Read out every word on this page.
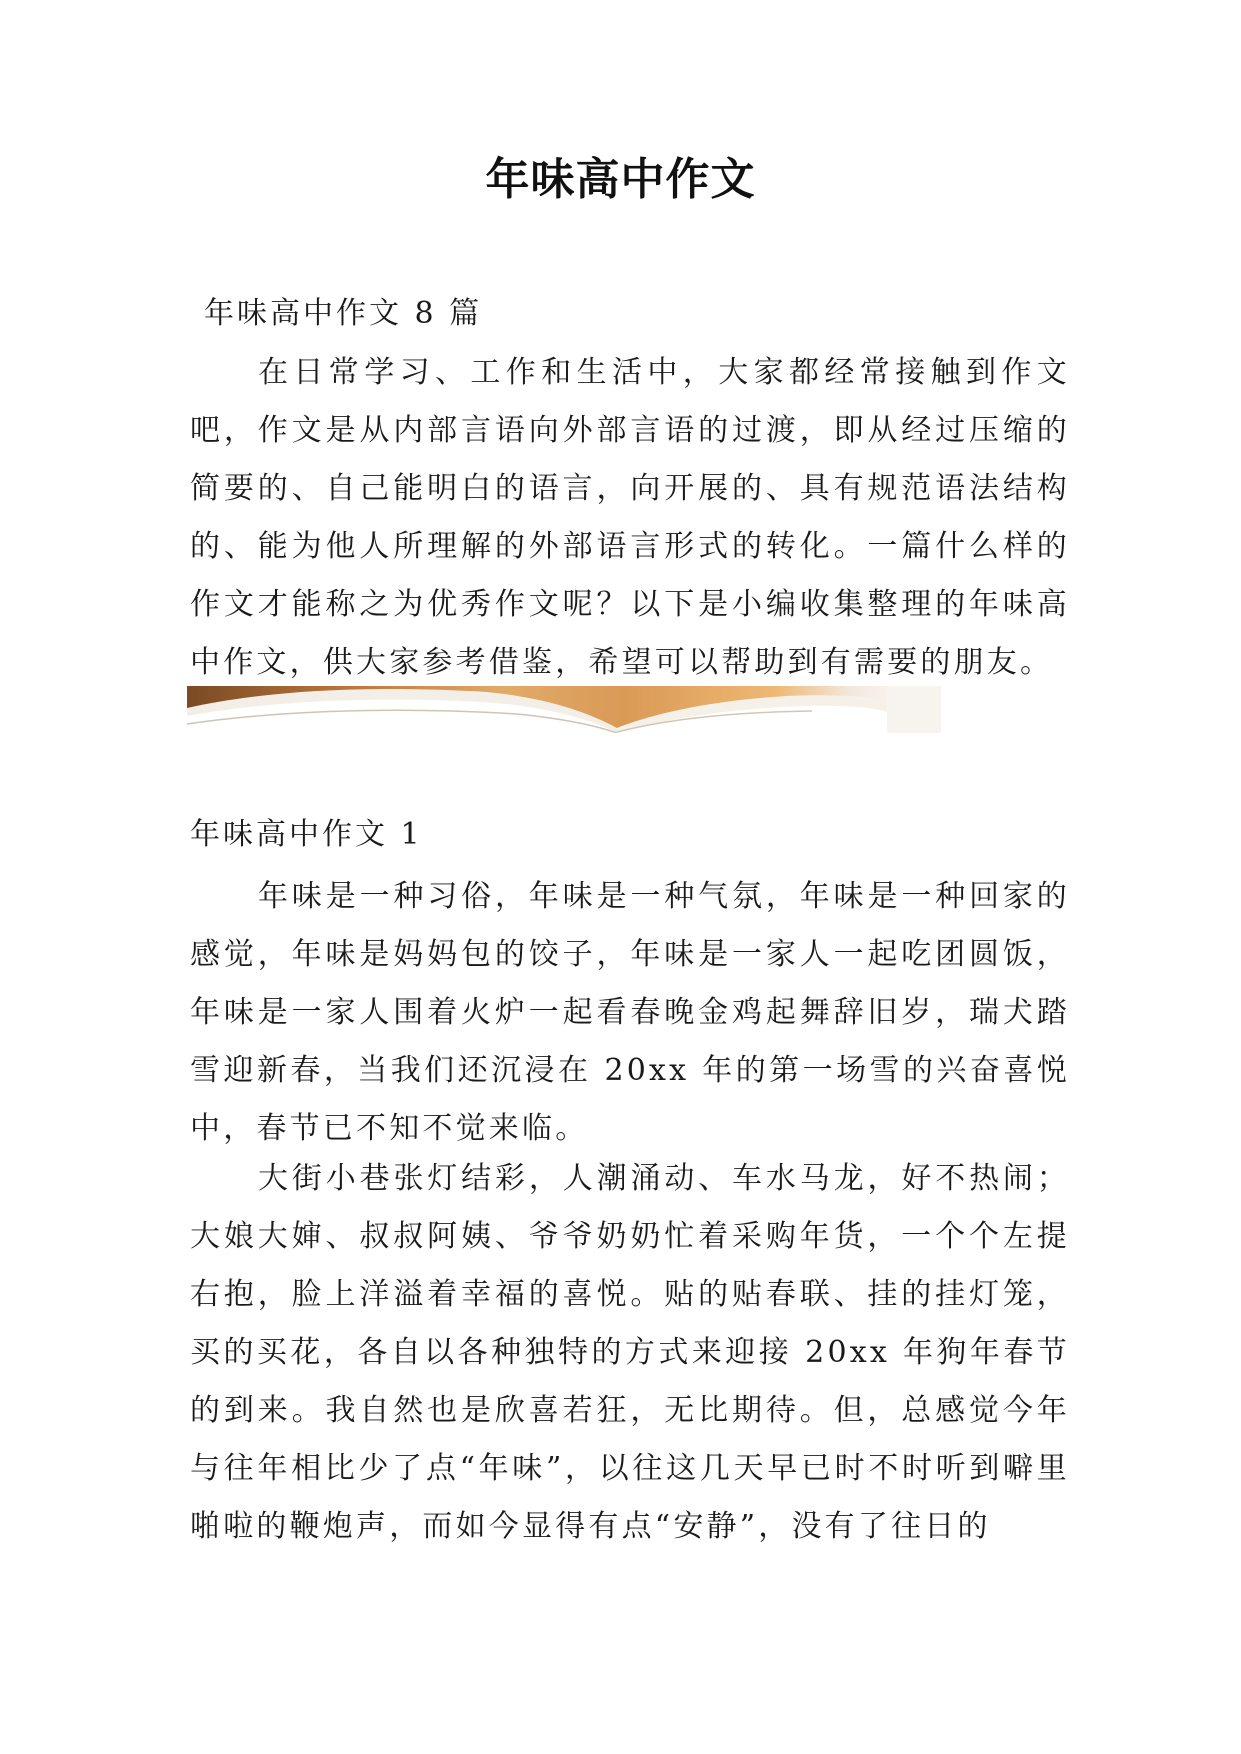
年味高中作文
年味高中作文 8 篇

在日常学习、工作和生活中，大家都经常接触到作文吧，作文是从内部言语向外部言语的过渡，即从经过压缩的简要的、自己能明白的语言，向开展的、具有规范语法结构的、能为他人所理解的外部语言形式的转化。一篇什么样的作文才能称之为优秀作文呢？以下是小编收集整理的年味高中作文，供大家参考借鉴，希望可以帮助到有需要的朋友。

年味高中作文 1

年味是一种习俗，年味是一种气氛，年味是一种回家的感觉，年味是妈妈包的饺子，年味是一家人一起吃团圆饭，年味是一家人围着火炉一起看春晚金鸡起舞辞旧岁，瑞犬踏雪迎新春，当我们还沉浸在 20xx 年的第一场雪的兴奋喜悦中，春节已不知不觉来临。

大街小巷张灯结彩，人潮涌动、车水马龙，好不热闹；大娘大婶、叔叔阿姨、爷爷奶奶忙着采购年货，一个个左提右抱，脸上洋溢着幸福的喜悦。贴的贴春联、挂的挂灯笼，买的买花，各自以各种独特的方式来迎接 20xx 年狗年春节的到来。我自然也是欣喜若狂，无比期待。但，总感觉今年与往年相比少了点“年味”，以往这几天早已时不时听到噼里啪啦的鞭炮声，而如今显得有点“安静”，没有了往日的
